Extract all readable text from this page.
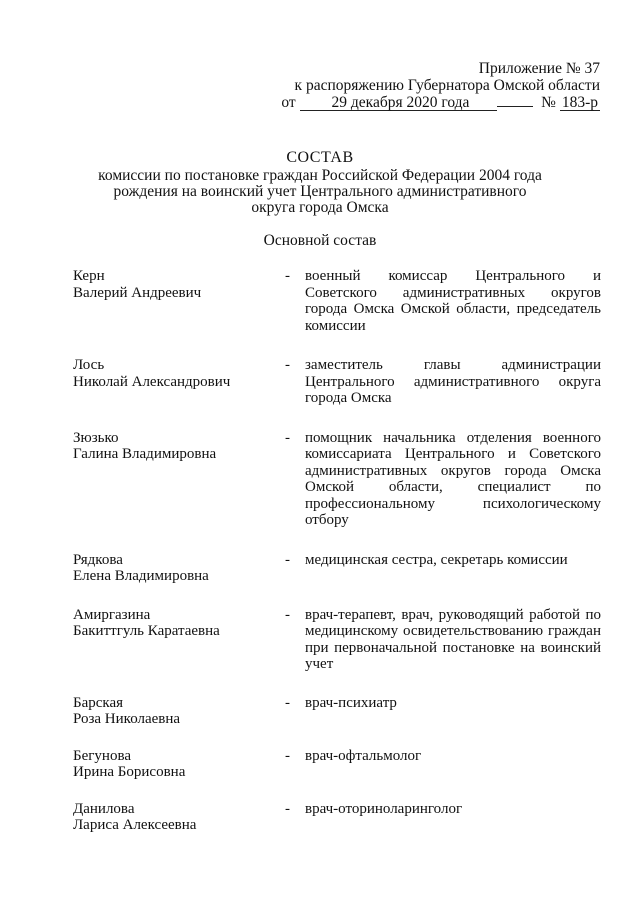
Приложение № 37
к распоряжению Губернатора Омской области
от 29 декабря 2020 года	№ 183-р
СОСТАВ
комиссии по постановке граждан Российской Федерации 2004 года
рождения на воинский учет Центрального административного
округа города Омска
Основной состав
Керн
Валерий Андреевич
-	военный комиссар Центрального и Советского административных округов города Омска Омской области, председатель комиссии
Лось
Николай Александрович
-	заместитель главы администрации Центрального административного округа города Омска
Зюзько
Галина Владимировна
-	помощник начальника отделения военного комиссариата Центрального и Советского административных округов города Омска Омской области, специалист по профессиональному психологическому отбору
Рядкова
Елена Владимировна
-	медицинская сестра, секретарь комиссии
Амиргазина
Бакиттгуль Каратаевна
-	врач-терапевт, врач, руководящий работой по медицинскому освидетельствованию граждан при первоначальной постановке на воинский учет
Барская
Роза Николаевна
-	врач-психиатр
Бегунова
Ирина Борисовна
-	врач-офтальмолог
Данилова
Лариса Алексеевна
-	врач-оториноларинголог
